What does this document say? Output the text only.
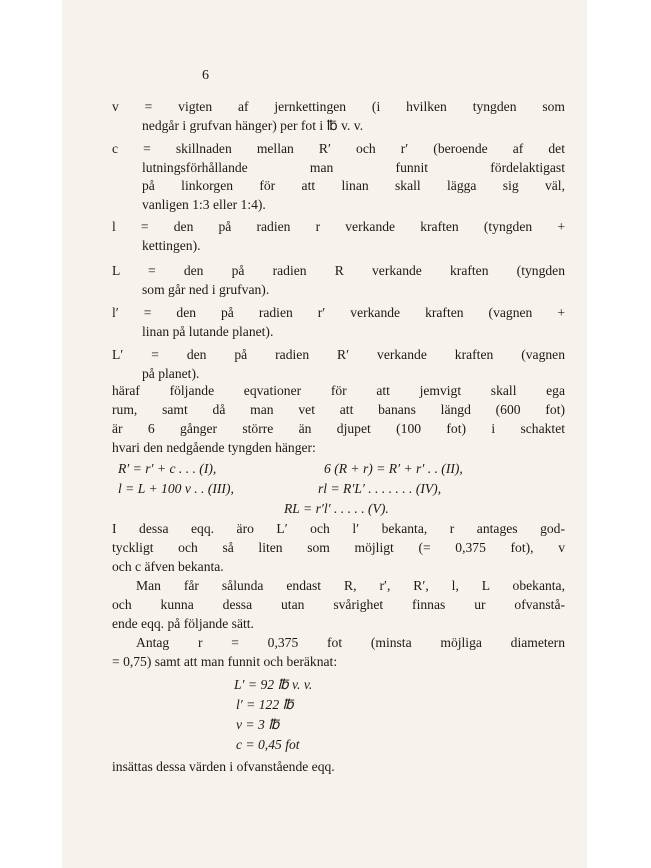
6
v = vigten af jernkettingen (i hvilken tyngden som
nedgår i grufvan hänger) per fot i ℔ v. v.
c = skillnaden mellan R′ och r′ (beroende af det
lutningsförhållande man funnit fördelaktigast
på linkorgen för att linan skall lägga sig väl,
vanligen 1:3 eller 1:4).
l = den på radien r verkande kraften (tyngden +
kettingen).
L = den på radien R verkande kraften (tyngden
som går ned i grufvan).
l′ = den på radien r′ verkande kraften (vagnen +
linan på lutande planet).
L′ = den på radien R′ verkande kraften (vagnen
på planet).
häraf följande eqvationer för att jemvigt skall ega
rum, samt då man vet att banans längd (600 fot)
är 6 gånger större än djupet (100 fot) i schaktet
hvari den nedgående tyngden hänger:
R′ = r′ + c . . . (I),	6 (R + r) = R′ + r′ . . (II),
l = L + 100 v . . (III),	rl = R′L′ . . . . . . . (IV),
RL = r′l′ . . . . . (V).
I dessa eqq. äro L′ och l′ bekanta, r antages god-
tyckligt och så liten som möjligt (= 0,375 fot), v
och c äfven bekanta.
Man får sålunda endast R, r′, R′, l, L obekanta,
och kunna dessa utan svårighet finnas ur ofvanstå-
ende eqq. på följande sätt.
Antag r = 0,375 fot (minsta möjliga diametern
= 0,75) samt att man funnit och beräknat:
L′ = 92 ℔ v. v.
l′ = 122 ℔
v = 3 ℔
c = 0,45 fot
insättas dessa värden i ofvanstående eqq.
